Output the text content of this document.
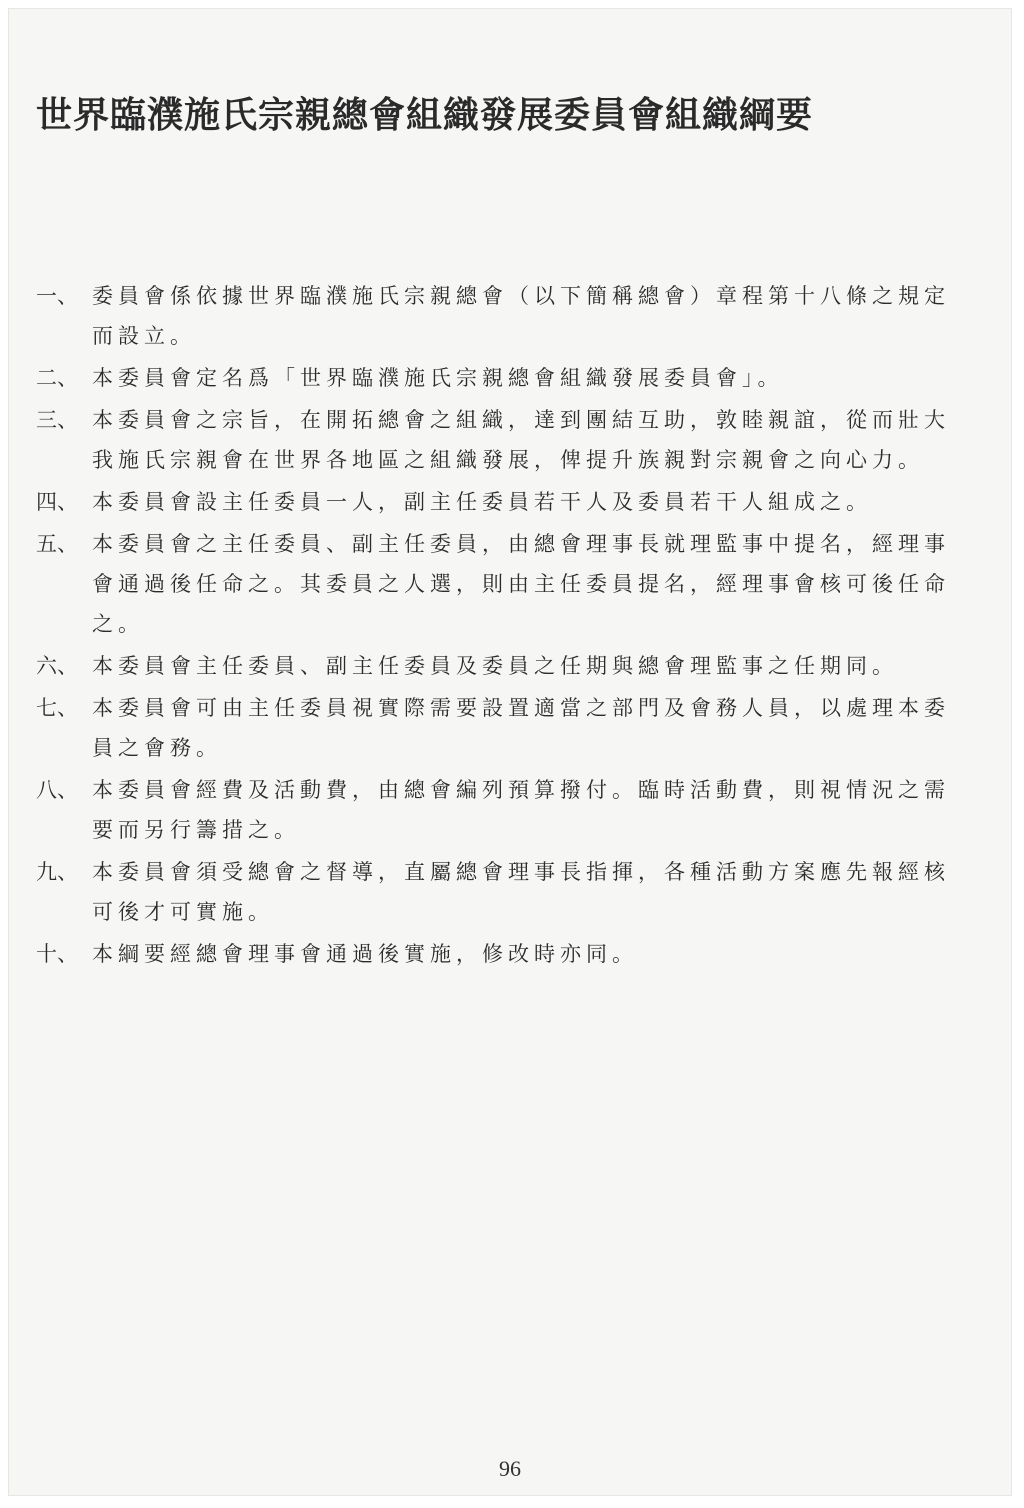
世界臨濮施氏宗親總會組織發展委員會組織綱要
一、 委員會係依據世界臨濮施氏宗親總會（以下簡稱總會）章程第十八條之規定而設立。
二、 本委員會定名爲「世界臨濮施氏宗親總會組織發展委員會」。
三、 本委員會之宗旨，在開拓總會之組織，達到團結互助，敦睦親誼，從而壯大我施氏宗親會在世界各地區之組織發展，俾提升族親對宗親會之向心力。
四、 本委員會設主任委員一人，副主任委員若干人及委員若干人組成之。
五、 本委員會之主任委員、副主任委員，由總會理事長就理監事中提名，經理事會通過後任命之。其委員之人選，則由主任委員提名，經理事會核可後任命之。
六、 本委員會主任委員、副主任委員及委員之任期與總會理監事之任期同。
七、 本委員會可由主任委員視實際需要設置適當之部門及會務人員，以處理本委員之會務。
八、 本委員會經費及活動費，由總會編列預算撥付。臨時活動費，則視情況之需要而另行籌措之。
九、 本委員會須受總會之督導，直屬總會理事長指揮，各種活動方案應先報經核可後才可實施。
十、 本綱要經總會理事會通過後實施，修改時亦同。
96
